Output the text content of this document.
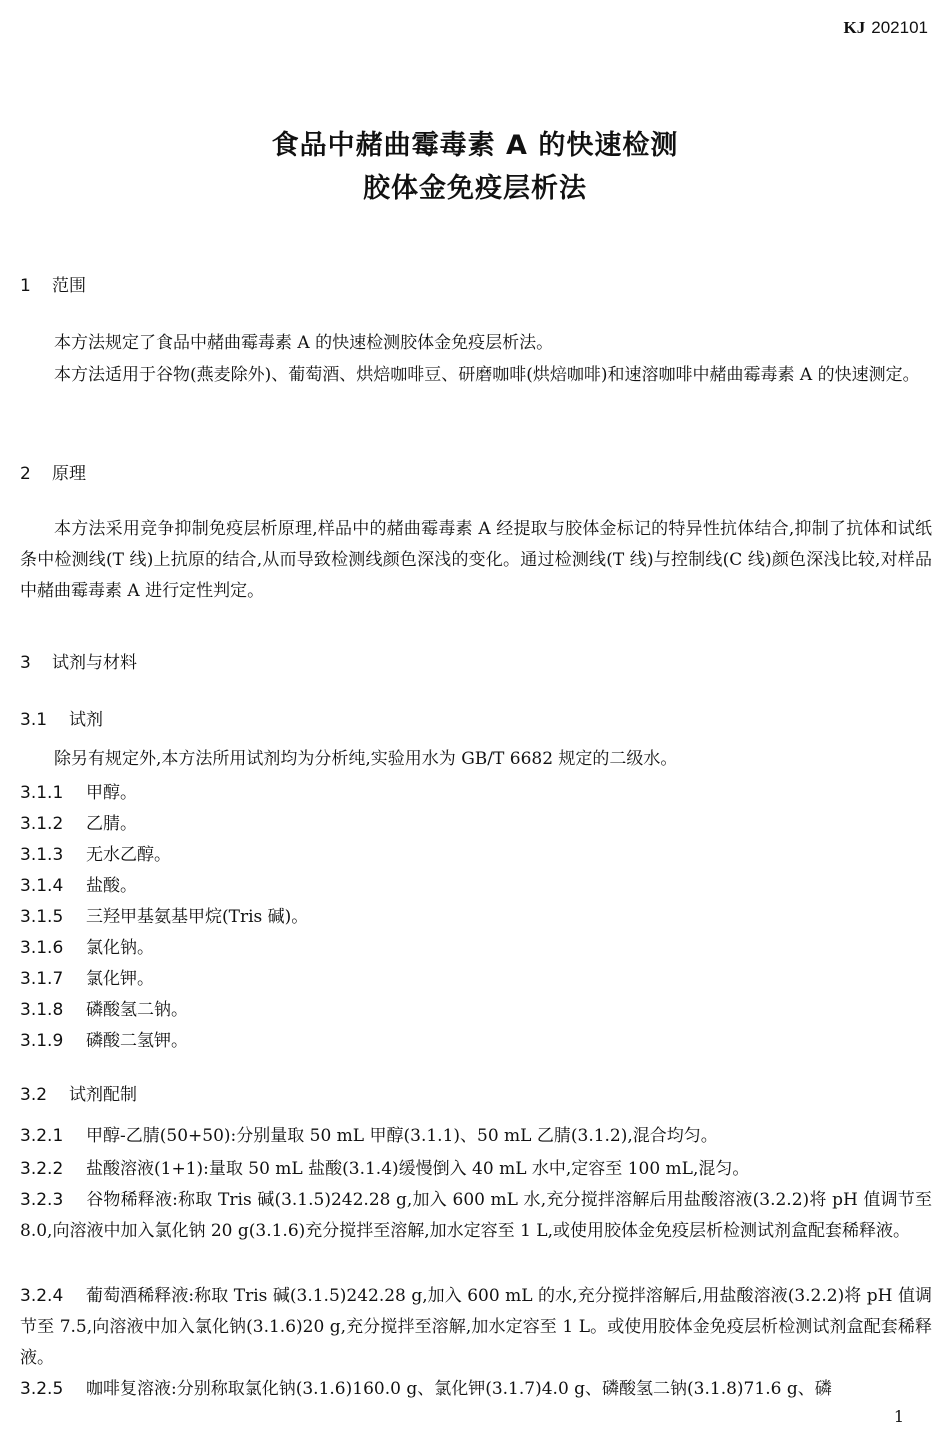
KJ 202101
食品中赭曲霉毒素 A 的快速检测
胶体金免疫层析法
1 范围

本方法规定了食品中赭曲霉毒素 A 的快速检测胶体金免疫层析法。

本方法适用于谷物(燕麦除外)、葡萄酒、烘焙咖啡豆、研磨咖啡(烘焙咖啡)和速溶咖啡中赭曲霉毒素 A 的快速测定。

2 原理

本方法采用竞争抑制免疫层析原理,样品中的赭曲霉毒素 A 经提取与胶体金标记的特异性抗体结合,抑制了抗体和试纸条中检测线(T 线)上抗原的结合,从而导致检测线颜色深浅的变化。通过检测线(T 线)与控制线(C 线)颜色深浅比较,对样品中赭曲霉毒素 A 进行定性判定。

3 试剂与材料
3.1 试剂

除另有规定外,本方法所用试剂均为分析纯,实验用水为 GB/T 6682 规定的二级水。

3.1.1 甲醇。

3.1.2 乙腈。

3.1.3 无水乙醇。

3.1.4 盐酸。

3.1.5 三羟甲基氨基甲烷(Tris 碱)。

3.1.6 氯化钠。

3.1.7 氯化钾。

3.1.8 磷酸氢二钠。

3.1.9 磷酸二氢钾。

3.2 试剂配制

3.2.1 甲醇-乙腈(50+50):分别量取 50 mL 甲醇(3.1.1)、50 mL 乙腈(3.1.2),混合均匀。

3.2.2 盐酸溶液(1+1):量取 50 mL 盐酸(3.1.4)缓慢倒入 40 mL 水中,定容至 100 mL,混匀。

3.2.3 谷物稀释液:称取 Tris 碱(3.1.5)242.28 g,加入 600 mL 水,充分搅拌溶解后用盐酸溶液(3.2.2)将 pH 值调节至 8.0,向溶液中加入氯化钠 20 g(3.1.6)充分搅拌至溶解,加水定容至 1 L,或使用胶体金免疫层析检测试剂盒配套稀释液。

3.2.4 葡萄酒稀释液:称取 Tris 碱(3.1.5)242.28 g,加入 600 mL 的水,充分搅拌溶解后,用盐酸溶液(3.2.2)将 pH 值调节至 7.5,向溶液中加入氯化钠(3.1.6)20 g,充分搅拌至溶解,加水定容至 1 L。或使用胶体金免疫层析检测试剂盒配套稀释液。

3.2.5 咖啡复溶液:分别称取氯化钠(3.1.6)160.0 g、氯化钾(3.1.7)4.0 g、磷酸氢二钠(3.1.8)71.6 g、磷

1
